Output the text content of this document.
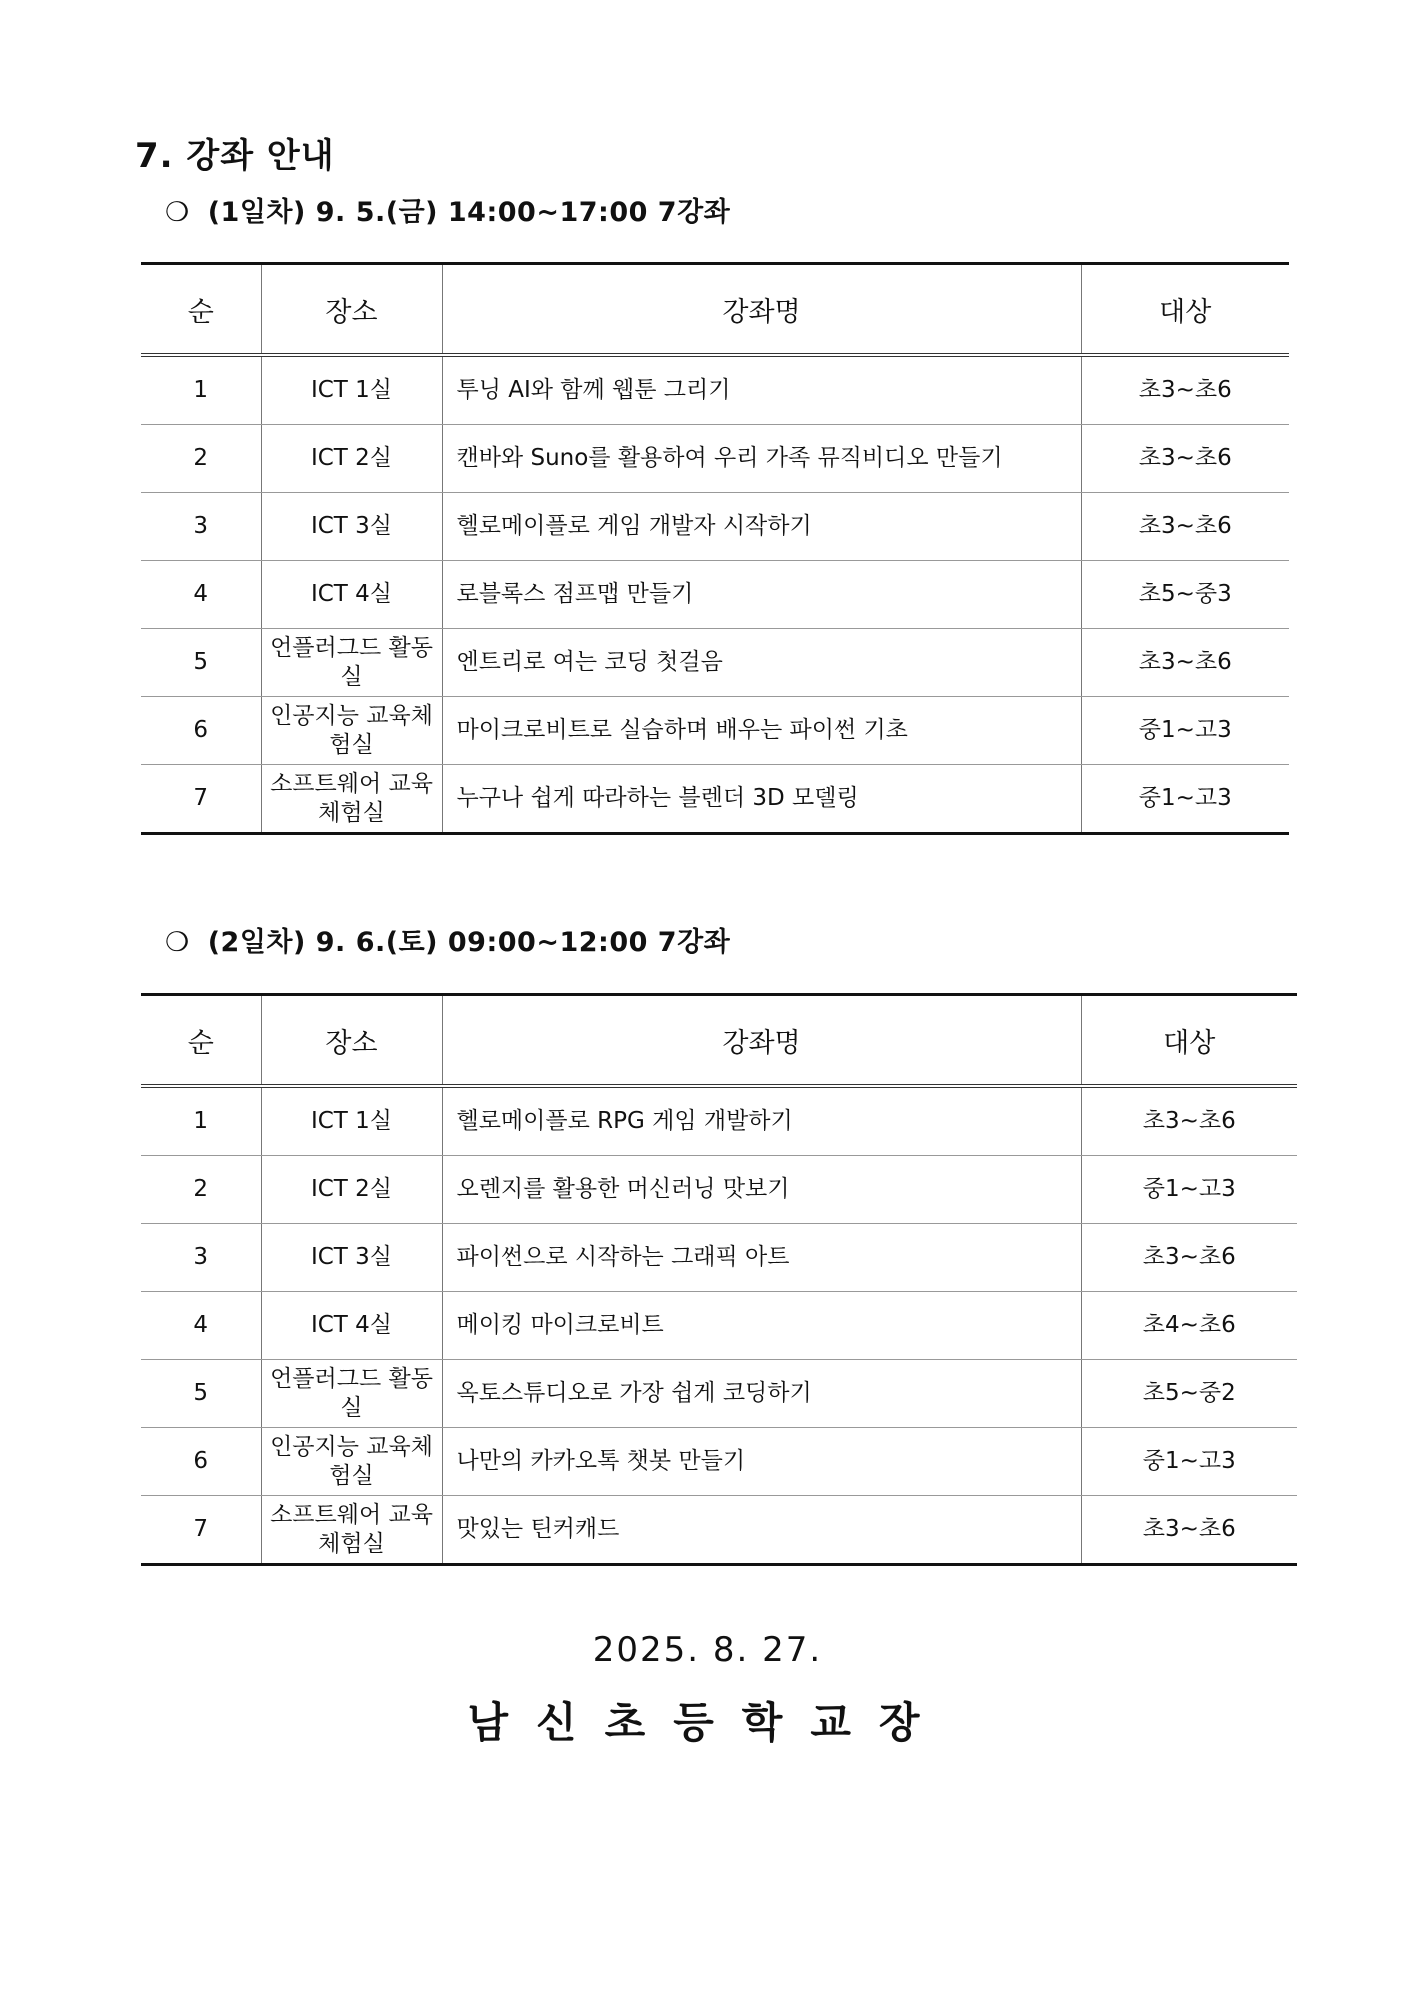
7. 강좌 안내
❍ (1일차) 9. 5.(금) 14:00~17:00 7강좌
순	장소	강좌명	대상
1	ICT 1실	투닝 AI와 함께 웹툰 그리기	초3~초6
2	ICT 2실	캔바와 Suno를 활용하여 우리 가족 뮤직비디오 만들기	초3~초6
3	ICT 3실	헬로메이플로 게임 개발자 시작하기	초3~초6
4	ICT 4실	로블록스 점프맵 만들기	초5~중3
5	언플러그드 활동실	엔트리로 여는 코딩 첫걸음	초3~초6
6	인공지능 교육체험실	마이크로비트로 실습하며 배우는 파이썬 기초	중1~고3
7	소프트웨어 교육체험실	누구나 쉽게 따라하는 블렌더 3D 모델링	중1~고3
❍ (2일차) 9. 6.(토) 09:00~12:00 7강좌
순	장소	강좌명	대상
1	ICT 1실	헬로메이플로 RPG 게임 개발하기	초3~초6
2	ICT 2실	오렌지를 활용한 머신러닝 맛보기	중1~고3
3	ICT 3실	파이썬으로 시작하는 그래픽 아트	초3~초6
4	ICT 4실	메이킹 마이크로비트	초4~초6
5	언플러그드 활동실	옥토스튜디오로 가장 쉽게 코딩하기	초5~중2
6	인공지능 교육체험실	나만의 카카오톡 챗봇 만들기	중1~고3
7	소프트웨어 교육체험실	맛있는 틴커캐드	초3~초6
2025. 8. 27.
남신초등학교장
